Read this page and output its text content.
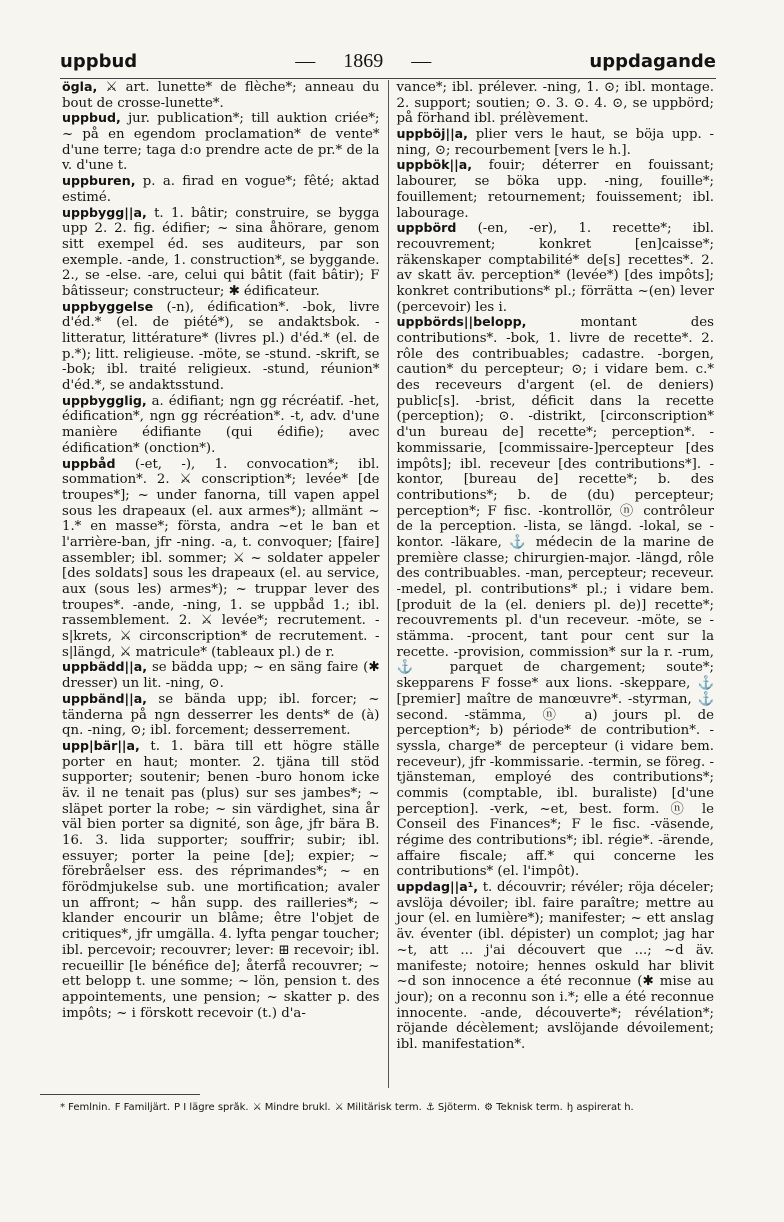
uppbud	— 1869 —	uppdagande

ögla, ⚔ art. lunette* de flèche*; anneau du bout de crosse-lunette*.

uppbud, jur. publication*; till auktion criée*; ~ på en egendom proclamation* de vente* d'une terre; taga d:o prendre acte de pr.* de la v. d'une t.

uppburen, p. a. firad en vogue*; fêté; aktad estimé.

uppbygg||a, t. 1. bâtir; construire, se bygga upp 2. 2. fig. édifier; ~ sina åhörare, genom sitt exempel éd. ses auditeurs, par son exemple. -ande, 1. construction*, se byggande. 2., se -else. -are, celui qui bâtit (fait bâtir); F bâtisseur; constructeur; ✱ édificateur.

uppbyggelse (-n), édification*. -bok, livre d'éd.* (el. de piété*), se andaktsbok. -litteratur, littérature* (livres pl.) d'éd.* (el. de p.*); litt. religieuse. -möte, se -stund. -skrift, se -bok; ibl. traité religieux. -stund, réunion* d'éd.*, se andaktsstund.

uppbygglig, a. édifiant; ngn gg récréatif. -het, édification*, ngn gg récréation*. -t, adv. d'une manière édifiante (qui édifie); avec édification* (onction*).

uppbåd (-et, -), 1. convocation*; ibl. sommation*. 2. ⚔ conscription*; levée* [de troupes*]; ~ under fanorna, till vapen appel sous les drapeaux (el. aux armes*); allmänt ~ 1.* en masse*; första, andra ~et le ban et l'arrière-ban, jfr -ning. -a, t. convoquer; [faire] assembler; ibl. sommer; ⚔ ~ soldater appeler [des soldats] sous les drapeaux (el. au service, aux (sous les) armes*); ~ truppar lever des troupes*. -ande, -ning, 1. se uppbåd 1.; ibl. rassemblement. 2. ⚔ levée*; recrutement. -s|krets, ⚔ circonscription* de recrutement. -s|längd, ⚔ matricule* (tableaux pl.) de r.

uppbädd||a, se bädda upp; ~ en säng faire (✱ dresser) un lit. -ning, ⊙.

uppbänd||a, se bända upp; ibl. forcer; ~ tänderna på ngn desserrer les dents* de (à) qn. -ning, ⊙; ibl. forcement; desserrement.

upp|bär||a, t. 1. bära till ett högre ställe porter en haut; monter. 2. tjäna till stöd supporter; soutenir; benen -buro honom icke äv. il ne tenait pas (plus) sur ses jambes*; ~ släpet porter la robe; ~ sin värdighet, sina år väl bien porter sa dignité, son âge, jfr bära B. 16. 3. lida supporter; souffrir; subir; ibl. essuyer; porter la peine [de]; expier; ~ förebråelser ess. des réprimandes*; ~ en förödmjukelse sub. une mortification; avaler un affront; ~ hån supp. des railleries*; ~ klander encourir un blâme; être l'objet de critiques*, jfr umgälla. 4. lyfta pengar toucher; ibl. percevoir; recouvrer; lever: ⊞ recevoir; ibl. recueillir [le bénéfice de]; återfå recouvrer; ~ ett belopp t. une somme; ~ lön, pension t. des appointements, une pension; ~ skatter p. des impôts; ~ i förskott recevoir (t.) d'a-

vance*; ibl. prélever. -ning, 1. ⊙; ibl. montage. 2. support; soutien; ⊙. 3. ⊙. 4. ⊙, se uppbörd; på förhand ibl. prélèvement.

uppböj||a, plier vers le haut, se böja upp. -ning, ⊙; recourbement [vers le h.].

uppbök||a, fouir; déterrer en fouissant; labourer, se böka upp. -ning, fouille*; fouillement; retournement; fouissement; ibl. labourage.

uppbörd (-en, -er), 1. recette*; ibl. recouvrement; konkret [en]caisse*; räkenskaper comptabilité* de[s] recettes*. 2. av skatt äv. perception* (levée*) [des impôts]; konkret contributions* pl.; förrätta ~(en) lever (percevoir) les i.

uppbörds||belopp,	montant des contributions*. -bok, 1. livre de recette*. 2. rôle des contribuables; cadastre. -borgen, caution* du percepteur; ⊙; i vidare bem. c.* des receveurs d'argent (el. de deniers) public[s]. -brist, déficit dans la recette (perception); ⊙. -distrikt, [circonscription* d'un bureau de] recette*; perception*. -kommissarie, [commissaire-]percepteur [des impôts]; ibl. receveur [des contributions*]. -kontor, [bureau de] recette*; b. des contributions*; b. de (du) percepteur; perception*; F fisc. -kontrollör, ⓝ contrôleur de la perception. -lista, se längd. -lokal, se -kontor. -läkare, ⚓ médecin de la marine de première classe; chirurgien-major. -längd, rôle des contribuables. -man, percepteur; receveur. -medel, pl. contributions* pl.; i vidare bem. [produit de la (el. deniers pl. de)] recette*; recouvrements pl. d'un receveur. -möte, se -stämma. -procent, tant pour cent sur la recette. -provision, commission* sur la r. -rum, ⚓ parquet de chargement; soute*; skepparens F fosse* aux lions. -skeppare, ⚓ [premier] maître de manœuvre*. -styrman, ⚓ second. -stämma, ⓝ a) jours pl. de perception*; b) période* de contribution*. -syssla, charge* de percepteur (i vidare bem. receveur), jfr -kommissarie. -termin, se föreg. -tjänsteman, employé des contributions*; commis (comptable, ibl. buraliste) [d'une perception]. -verk, ~et, best. form. ⓝ le Conseil des Finances*; F le fisc. -väsende, régime des contributions*; ibl. régie*. -ärende, affaire fiscale; aff.* qui concerne les contributions* (el. l'impôt).

uppdag||a¹, t. découvrir; révéler; röja déceler; avslöja dévoiler; ibl. faire paraître; mettre au jour (el. en lumière*); manifester; ~ ett anslag äv. éventer (ibl. dépister) un complot; jag har ~t, att ... j'ai découvert que ...; ~d äv. manifeste; notoire; hennes oskuld har blivit ~d son innocence a été reconnue (✱ mise au jour); on a reconnu son i.*; elle a été reconnue innocente. -ande, découverte*; révélation*; röjande décèlement; avslöjande dévoilement; ibl. manifestation*.

* Femlnin. F Familjärt. P I lägre språk. ⚔ Mindre brukl. ⚔ Militärisk term. ⚓ Sjöterm. ⚙ Teknisk term. ꜧ aspirerat h.
